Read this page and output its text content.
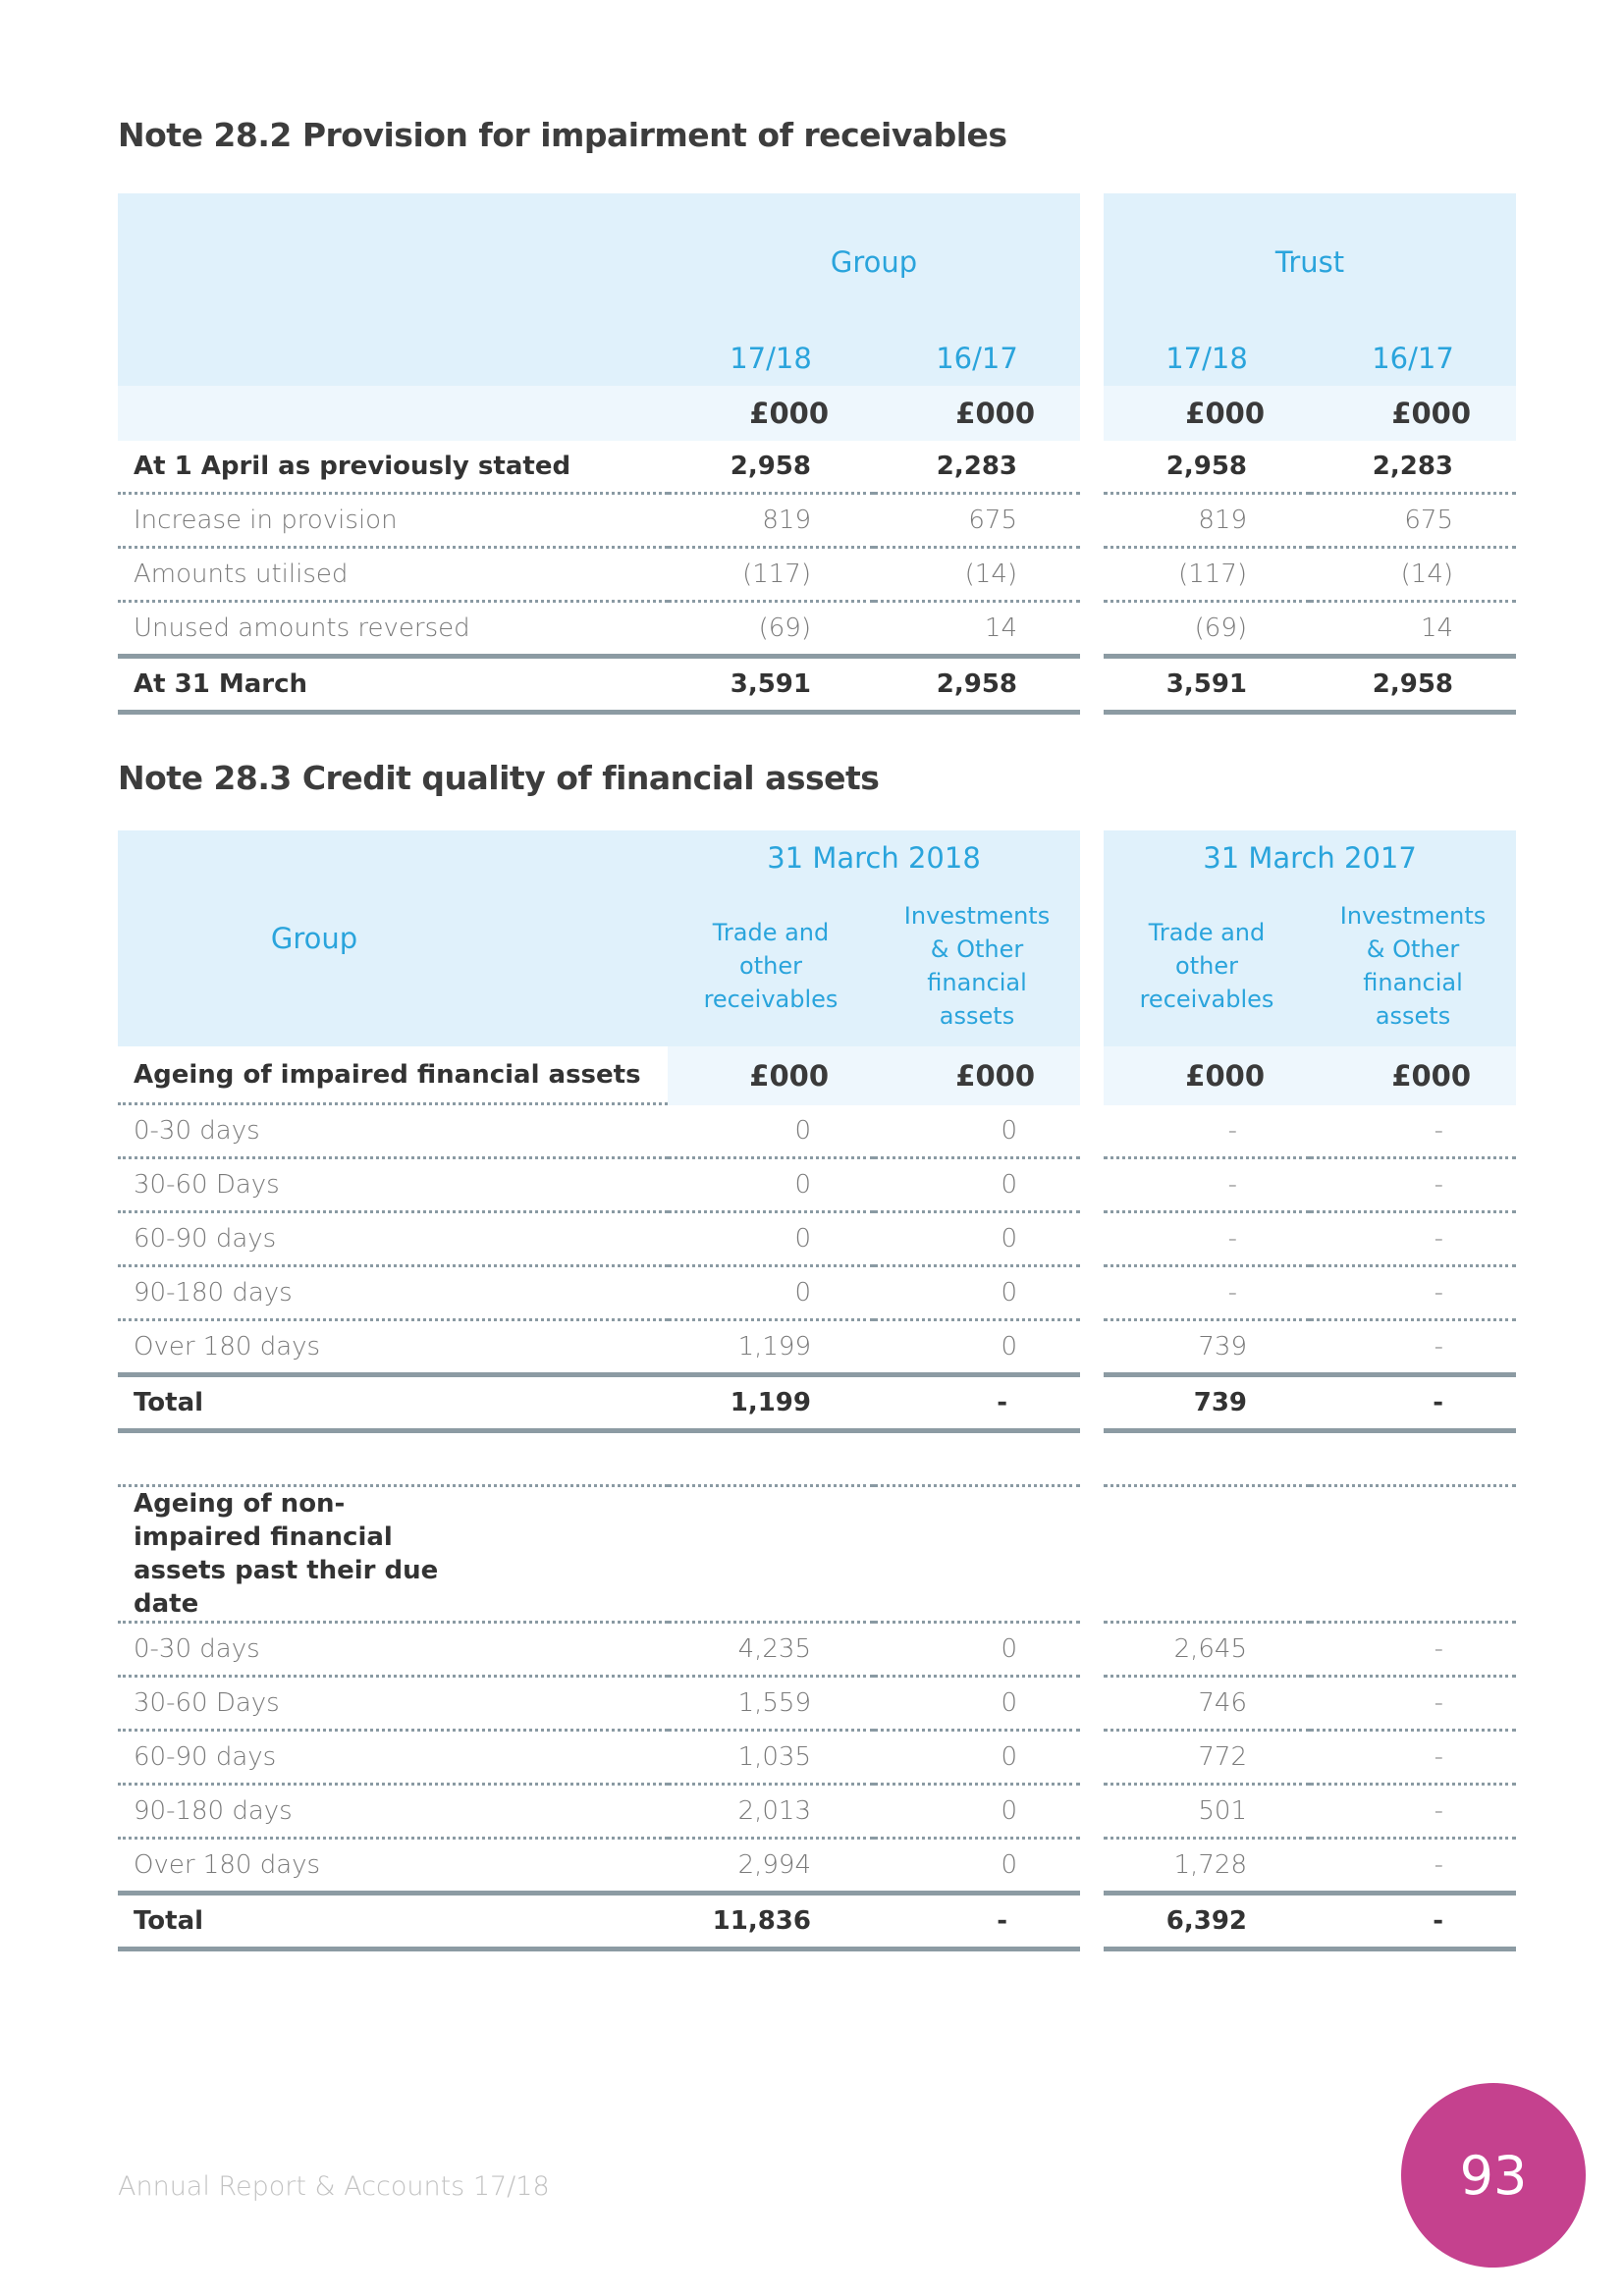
Note 28.2 Provision for impairment of receivables
	Group			Trust	
	17/18	16/17		17/18	16/17
	£000	£000		£000	£000
At 1 April as previously stated	2,958	2,283		2,958	2,283
Increase in provision	819	675		819	675
Amounts utilised	(117)	(14)		(117)	(14)
Unused amounts reversed	(69)	14		(69)	14
At 31 March	3,591	2,958		3,591	2,958
Note 28.3 Credit quality of financial assets
Group	31 March 2018			31 March 2017	
	Trade and other receivables	Investments & Other financial assets		Trade and other receivables	Investments & Other financial assets
Ageing of impaired financial assets	£000	£000		£000	£000
0-30 days	0	0		-	-
30-60 Days	0	0		-	-
60-90 days	0	0		-	-
90-180 days	0	0		-	-
Over 180 days	1,199	0		739	-
Total	1,199	-		739	-

Ageing of non-impaired financial assets past their due date					
0-30 days	4,235	0		2,645	-
30-60 Days	1,559	0		746	-
60-90 days	1,035	0		772	-
90-180 days	2,013	0		501	-
Over 180 days	2,994	0		1,728	-
Total	11,836	-		6,392	-
Annual Report & Accounts 17/18	93
